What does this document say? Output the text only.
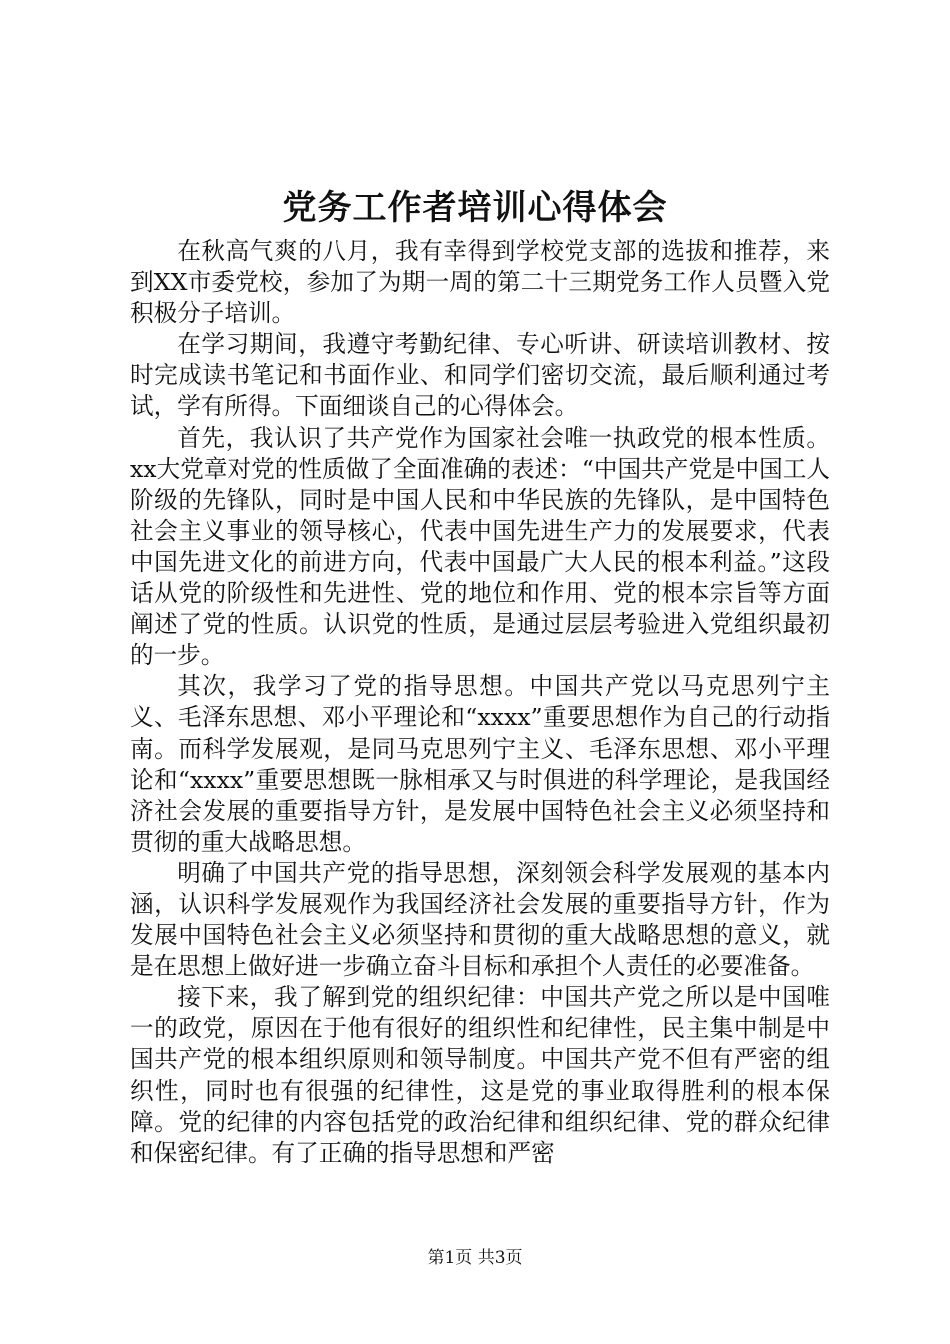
党务工作者培训心得体会

在秋高气爽的八月，我有幸得到学校党支部的选拔和推荐，来到XX市委党校，参加了为期一周的第二十三期党务工作人员暨入党积极分子培训。

在学习期间，我遵守考勤纪律、专心听讲、研读培训教材、按时完成读书笔记和书面作业、和同学们密切交流，最后顺利通过考试，学有所得。下面细谈自己的心得体会。

首先，我认识了共产党作为国家社会唯一执政党的根本性质。xx大党章对党的性质做了全面准确的表述：“中国共产党是中国工人阶级的先锋队，同时是中国人民和中华民族的先锋队，是中国特色社会主义事业的领导核心，代表中国先进生产力的发展要求，代表中国先进文化的前进方向，代表中国最广大人民的根本利益。”这段话从党的阶级性和先进性、党的地位和作用、党的根本宗旨等方面阐述了党的性质。认识党的性质，是通过层层考验进入党组织最初的一步。

其次，我学习了党的指导思想。中国共产党以马克思列宁主义、毛泽东思想、邓小平理论和“xxxx”重要思想作为自己的行动指南。而科学发展观，是同马克思列宁主义、毛泽东思想、邓小平理论和“xxxx”重要思想既一脉相承又与时俱进的科学理论，是我国经济社会发展的重要指导方针，是发展中国特色社会主义必须坚持和贯彻的重大战略思想。

明确了中国共产党的指导思想，深刻领会科学发展观的基本内涵，认识科学发展观作为我国经济社会发展的重要指导方针，作为发展中国特色社会主义必须坚持和贯彻的重大战略思想的意义，就是在思想上做好进一步确立奋斗目标和承担个人责任的必要准备。

接下来，我了解到党的组织纪律：中国共产党之所以是中国唯一的政党，原因在于他有很好的组织性和纪律性，民主集中制是中国共产党的根本组织原则和领导制度。中国共产党不但有严密的组织性，同时也有很强的纪律性，这是党的事业取得胜利的根本保障。党的纪律的内容包括党的政治纪律和组织纪律、党的群众纪律和保密纪律。有了正确的指导思想和严密

第1页 共3页
